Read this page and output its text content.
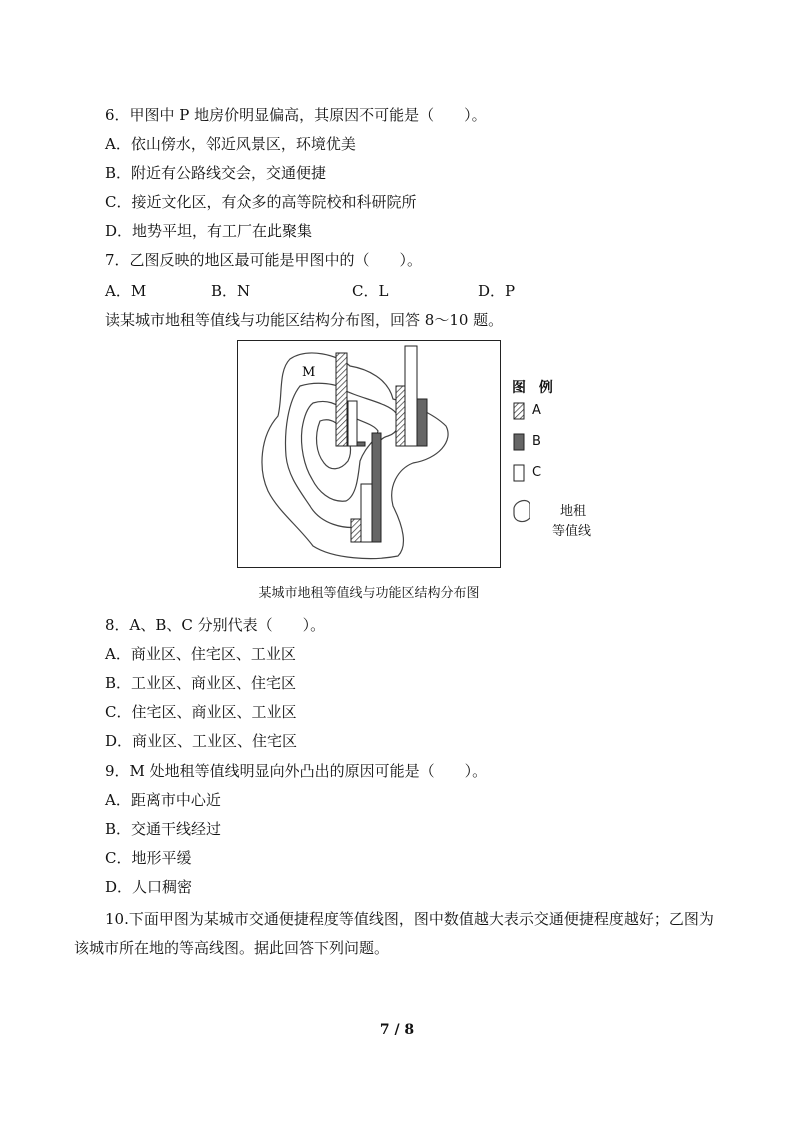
6．甲图中 P 地房价明显偏高，其原因不可能是（　　）。
A．依山傍水，邻近风景区，环境优美
B．附近有公路线交会，交通便捷
C．接近文化区，有众多的高等院校和科研院所
D．地势平坦，有工厂在此聚集
7．乙图反映的地区最可能是甲图中的（　　）。
A．M	B．N	C．L	D．P
读某城市地租等值线与功能区结构分布图，回答 8～10 题。
M
图 例
A
B
C
地租
等值线
某城市地租等值线与功能区结构分布图
8．A、B、C 分别代表（　　）。
A．商业区、住宅区、工业区
B．工业区、商业区、住宅区
C．住宅区、商业区、工业区
D．商业区、工业区、住宅区
9．M 处地租等值线明显向外凸出的原因可能是（　　）。
A．距离市中心近
B．交通干线经过
C．地形平缓
D．人口稠密
10.下面甲图为某城市交通便捷程度等值线图，图中数值越大表示交通便捷程度越好；乙图为该城市所在地的等高线图。据此回答下列问题。
7 / 8
